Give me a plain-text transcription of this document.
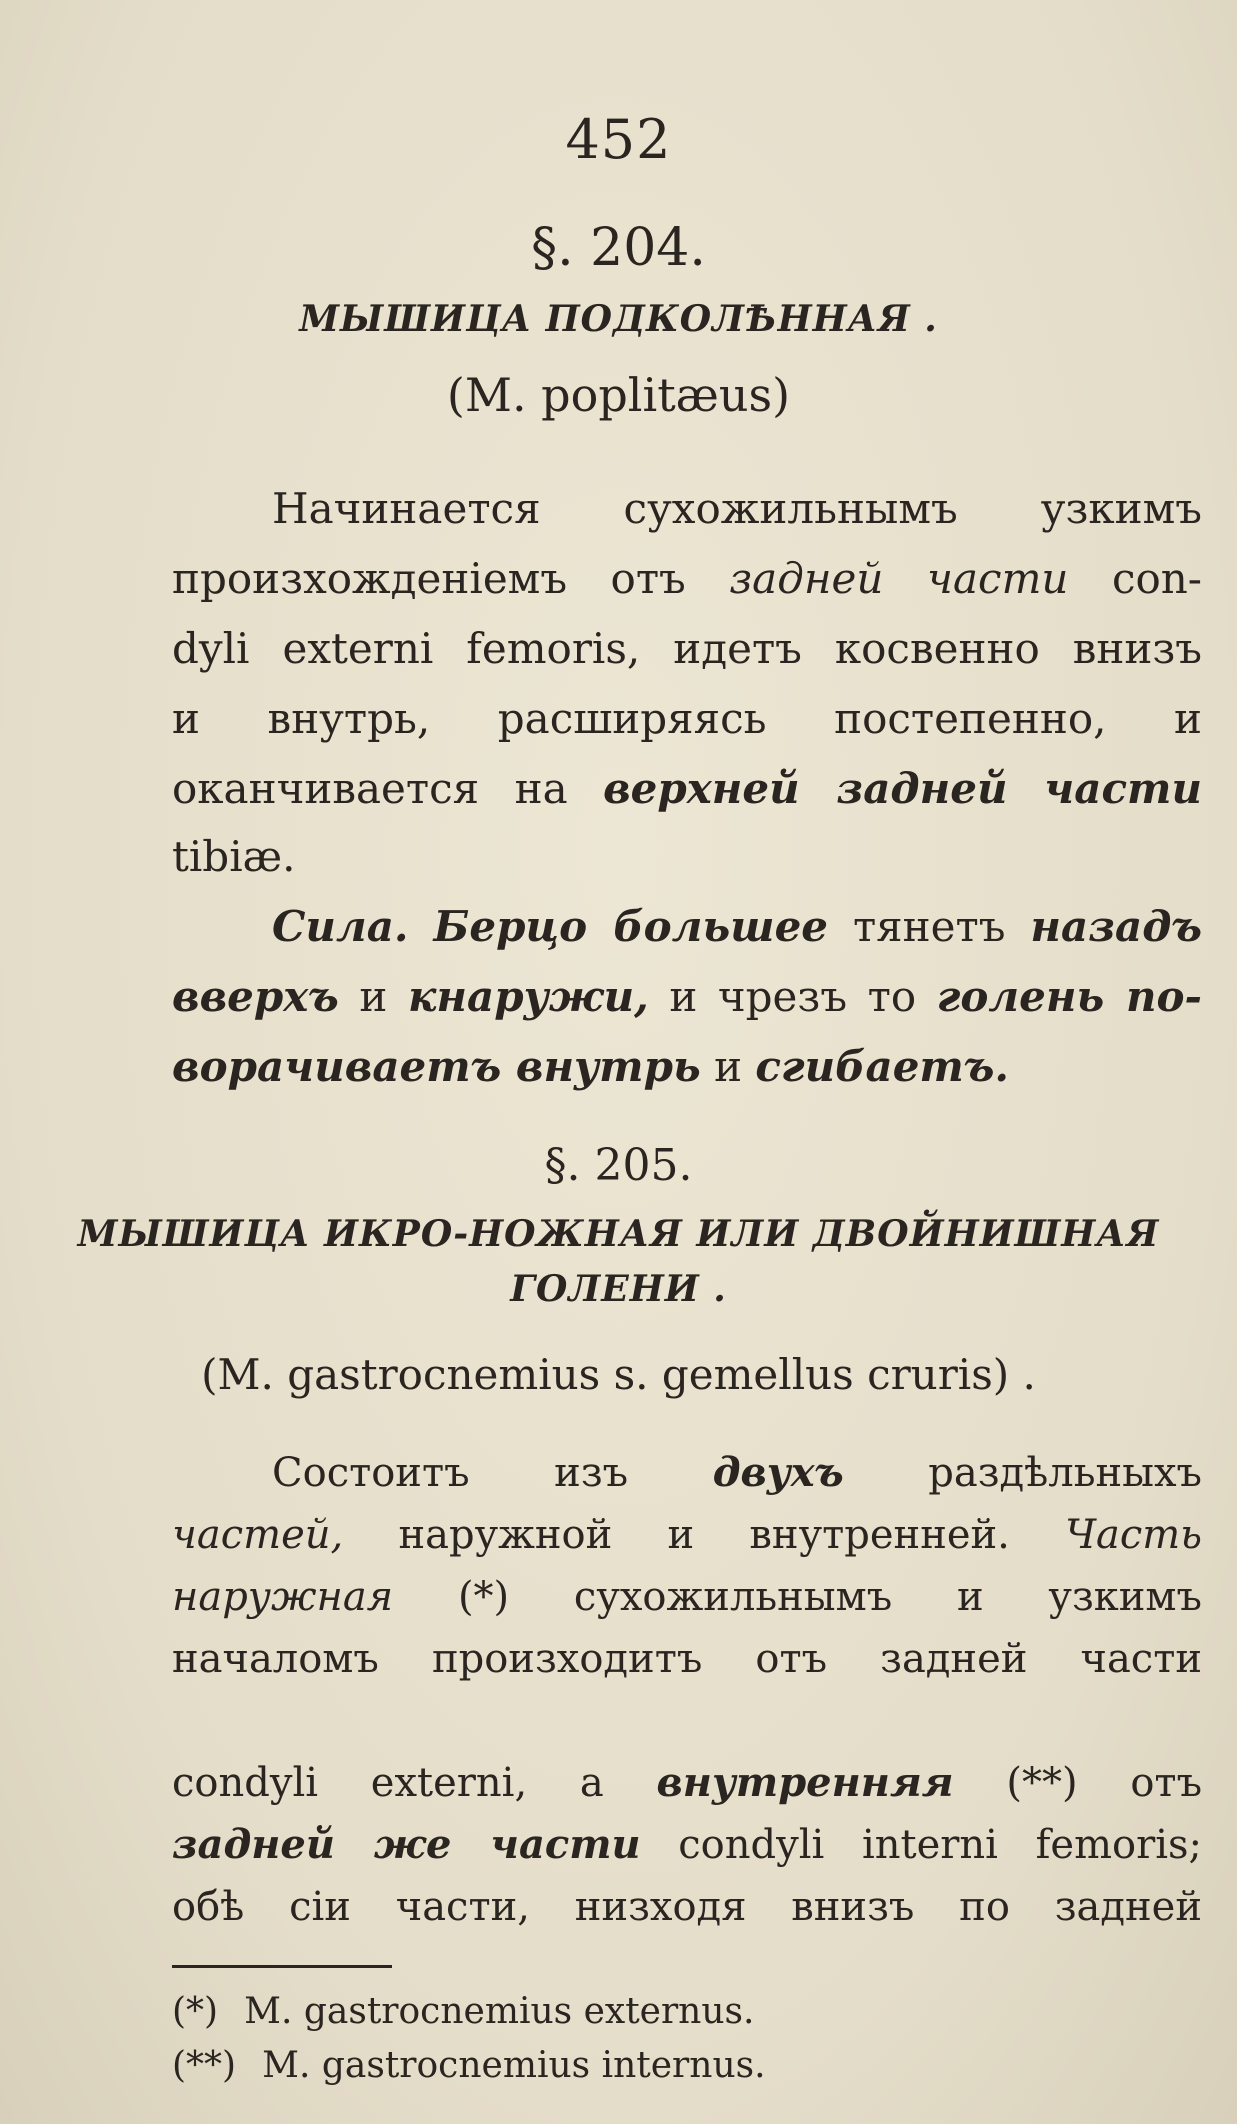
452
§. 204.
МЫШИЦА ПОДКОЛѢННАЯ .
(M. poplitæus)
Начинается сухожильнымъ узкимъ
произхожденіемъ отъ задней части con-
dyli externi femoris, идетъ косвенно внизъ
и внутрь, расширяясь постепенно, и
оканчивается на верхней задней части
tibiæ.
Сила. Берцо большее тянетъ назадъ
вверхъ и кнаружи, и чрезъ то голень по-
ворачиваетъ внутрь и сгибаетъ.
§. 205.
МЫШИЦА ИКРО-НОЖНАЯ ИЛИ ДВОЙНИШНАЯ
ГОЛЕНИ .
(M. gastrocnemius s. gemellus cruris) .
Состоитъ изъ двухъ раздѣльныхъ
частей, наружной и внутренней. Часть
наружная (*) сухожильнымъ и узкимъ
началомъ произходитъ отъ задней части
(*) M. gastrocnemius externus.
(**) M. gastrocnemius internus.
condyli externi, а внутренняя (**) отъ
задней же части condyli interni femoris;
обѣ сіи части, низходя внизъ по задней
